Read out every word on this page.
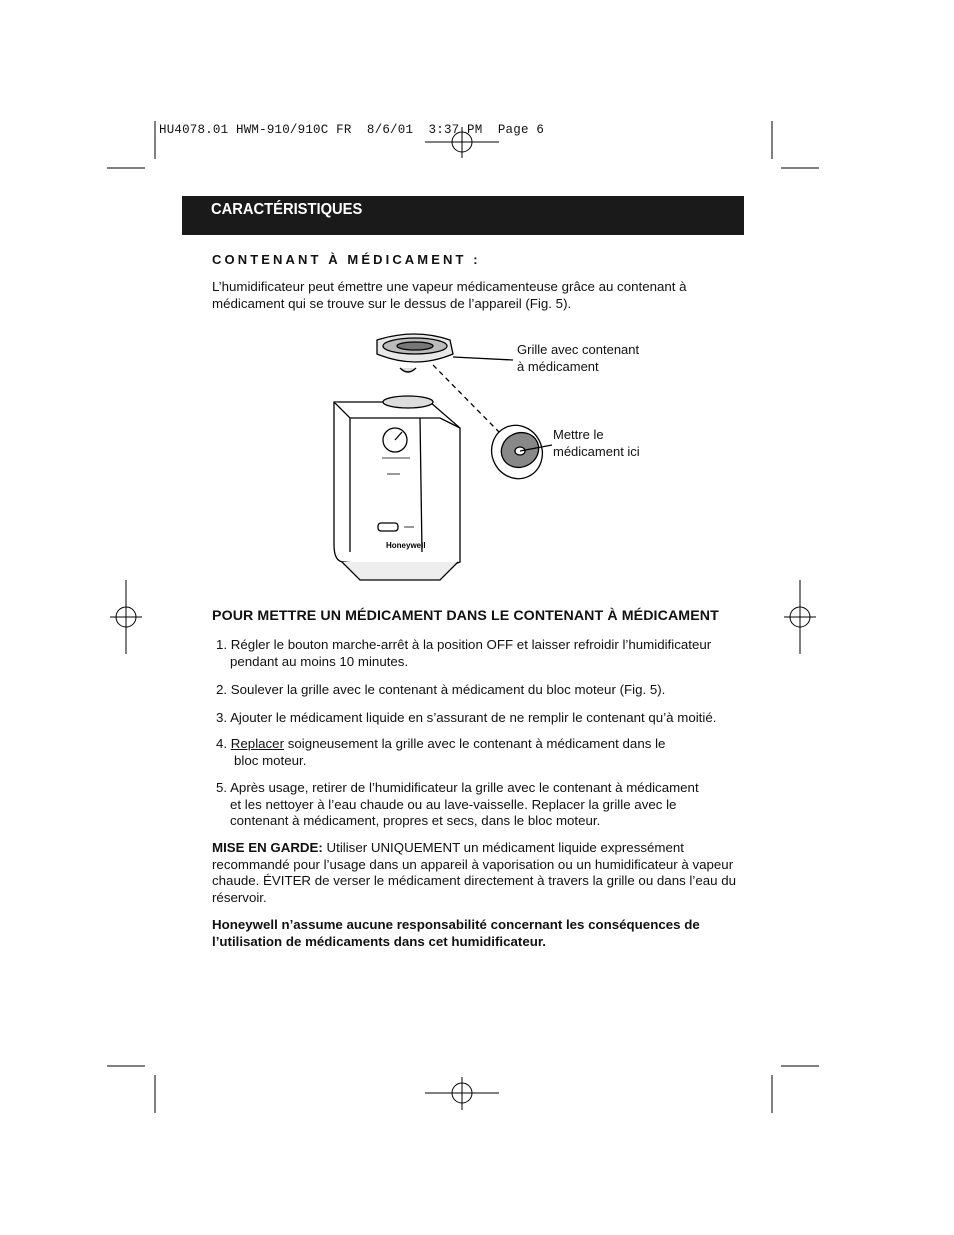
HU4078.01 HWM-910/910C FR  8/6/01  3:37 PM  Page 6
CARACTÉRISTIQUES
CONTENANT À MÉDICAMENT :
L’humidificateur peut émettre une vapeur médicamenteuse grâce au contenant à médicament qui se trouve sur le dessus de l’appareil (Fig. 5).
Honeywell
Grille avec contenant
à médicament
Mettre le
médicament ici
POUR METTRE UN MÉDICAMENT DANS LE CONTENANT À MÉDICAMENT
1. Régler le bouton marche-arrêt à la position OFF et laisser refroidir l’humidificateur
pendant au moins 10 minutes.
2. Soulever la grille avec le contenant à médicament du bloc moteur (Fig. 5).
3. Ajouter le médicament liquide en s’assurant de ne remplir le contenant qu’à moitié.
4. Replacer soigneusement la grille avec le contenant à médicament dans le
bloc moteur.
5. Après usage, retirer de l’humidificateur la grille avec le contenant à médicament
et les nettoyer à l’eau chaude ou au lave-vaisselle. Replacer la grille avec le
contenant à médicament, propres et secs, dans le bloc moteur.
MISE EN GARDE: Utiliser UNIQUEMENT un médicament liquide expressément recommandé pour l’usage dans un appareil à vaporisation ou un humidificateur à vapeur chaude. ÉVITER de verser le médicament directement à travers la grille ou dans l’eau du réservoir.
Honeywell n’assume aucune responsabilité concernant les conséquences de l’utilisation de médicaments dans cet humidificateur.
